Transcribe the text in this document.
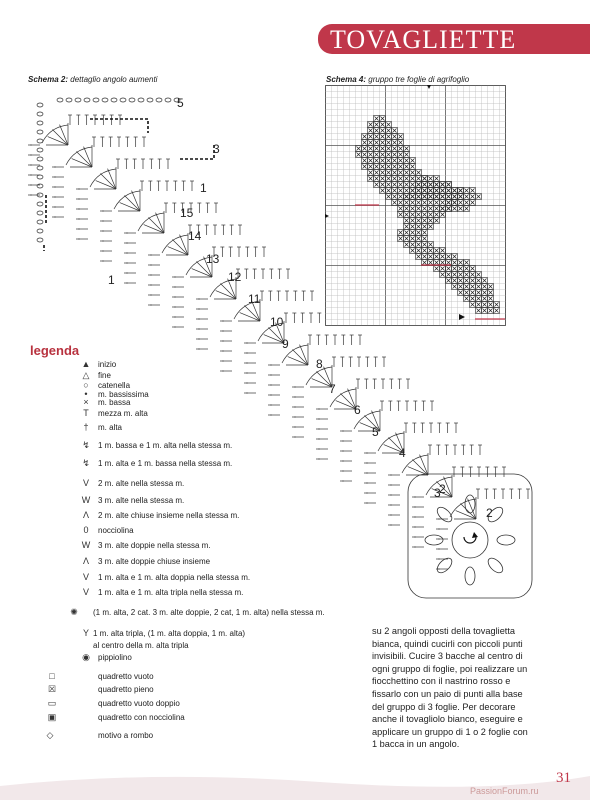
TOVAGLIETTE
Schema 2: dettaglio angolo aumenti	Schema 4: gruppo tre foglie di agrifoglio
5
3
1
15
14
13
12
11
10
9
8
7
6
5
4
3
2
1
2
legenda
▲ inizio
△	fine
○	catenella
•	m. bassissima
×	m. bassa
T	mezza m. alta
†	m. alta
↯	1 m. bassa e 1 m. alta nella stessa m.
↯	1 m. alta e 1 m. bassa nella stessa m.
V	2 m. alte nella stessa m.
W 3 m. alte nella stessa m.
Λ	2 m. alte chiuse insieme nella stessa m.
0	nocciolina
W 3 m. alte doppie nella stessa m.
Λ	3 m. alte doppie chiuse insieme
V	1 m. alta e 1 m. alta doppia nella stessa m.
V	1 m. alta e 1 m. alta tripla nella stessa m.
✺	(1 m. alta, 2 cat. 3 m. alte doppie, 2 cat, 1 m. alta) nella stessa m.
Y 1 m. alta tripla, (1 m. alta doppia, 1 m. alta)
al centro della m. alta tripla
◉	pippiolino
□	quadretto vuoto
☒	quadretto pieno
▭	quadretto vuoto doppio
▣	quadretto con nocciolina
◇	motivo a rombo
su 2 angoli opposti della tovaglietta bianca, quindi cucirli con piccoli punti invisibili. Cucire 3 bacche al centro di ogni gruppo di foglie, poi realizzare un fiocchettino con il nastrino rosso e fissarlo con un paio di punti alla base del gruppo di 3 foglie. Per decorare anche il tovagliolo bianco, eseguire e applicare un gruppo di 1 o 2 foglie con 1 bacca in un angolo.
31
PassionForum.ru
